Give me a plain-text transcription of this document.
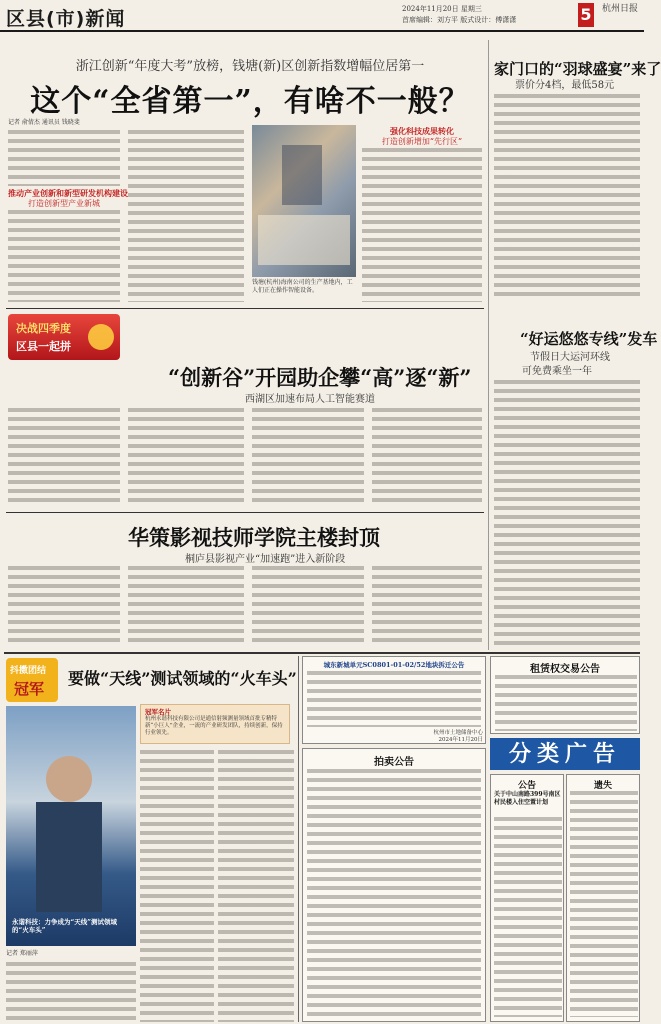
区县(市)新闻	2024年11月20日 星期三
首席编辑：刘方平 版式设计：傅潇潇	5	杭州日报
浙江创新“年度大考”放榜，钱塘(新)区创新指数增幅位居第一
这个“全省第一”，有啥不一般？
记者 俞倩杰 通讯员 钱晓斐
推动产业创新和新型研发机构建设
打造创新型产业新城
钱塘(杭州)海南公司的生产基地内，工人们正在操作智能设备。
强化科技成果转化
打造创新增加“先行区”
决战四季度
区县一起拼
“创新谷”开园助企攀“高”逐“新”
西湖区加速布局人工智能赛道
华策影视技师学院主楼封顶
桐庐县影视产业“加速跑”进入新阶段
家门口的“羽球盛宴”来了
票价分4档，最低58元
“好运悠悠专线”发车
节假日大运河环线
可免费乘坐一年
抖擞团结
冠军
要做“天线”测试领域的“火车头”
永谐科技：力争成为“天线”测试领域的“火车头”
记者 郑丽萍
冠军名片
杭州永谐科技有限公司是通信射频测量领域首批专精特新“小巨人”企业，一流的产业研发团队，持续创新，保持行业领先。
城东新城单元SC0801-01-02/52地块拆迁公告
杭州市土地储备中心
2024年11月20日
拍卖公告
租赁权交易公告
分类广告
公告
关于中山南路399号南区村民楼入住空置计划
遗失
